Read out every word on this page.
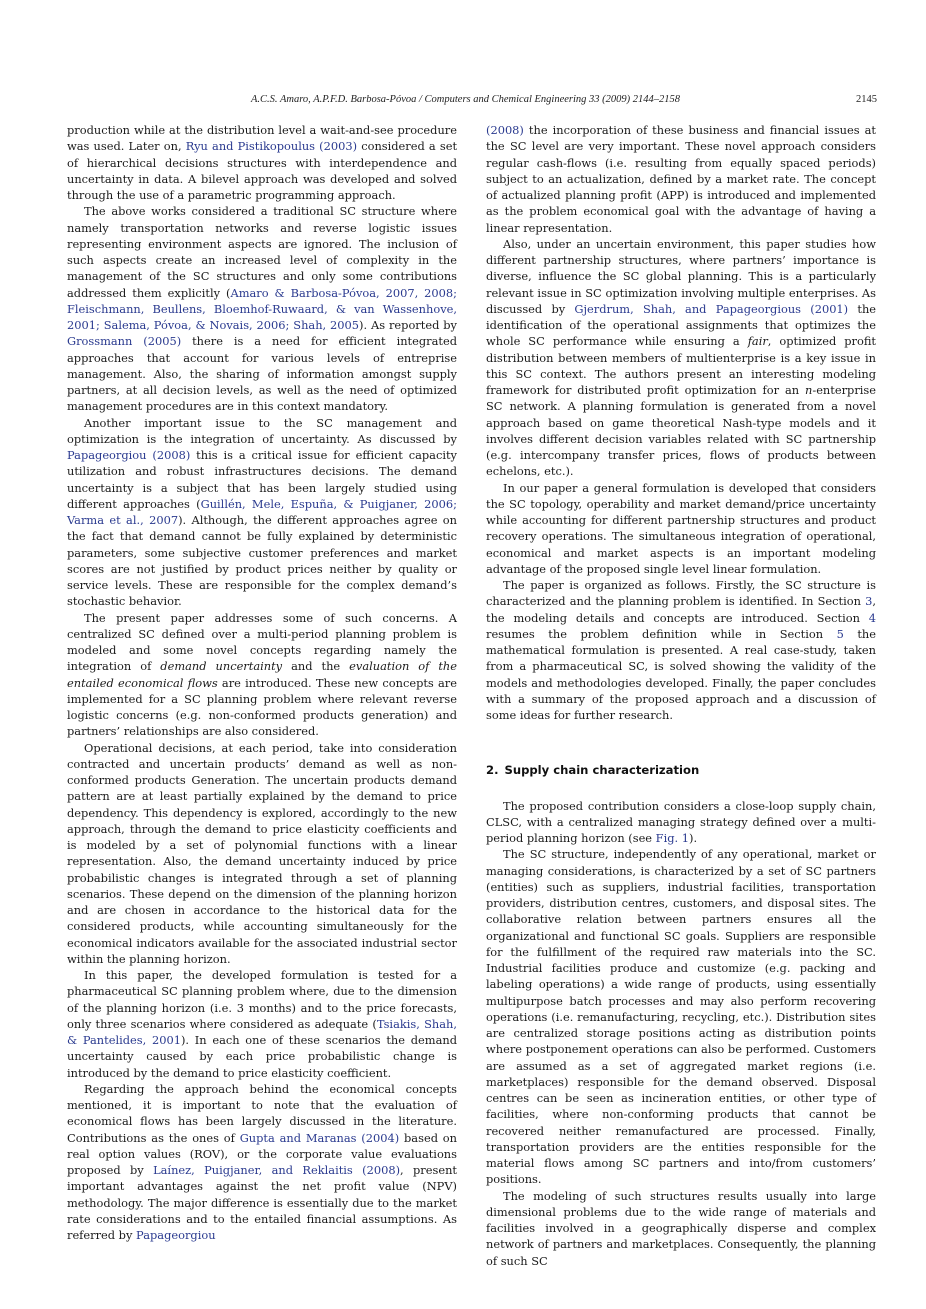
A.C.S. Amaro, A.P.F.D. Barbosa-Póvoa / Computers and Chemical Engineering 33 (2009) 2144–2158	2145

production while at the distribution level a wait-and-see procedure was used. Later on, Ryu and Pistikopoulus (2003) considered a set of hierarchical decisions structures with interdependence and uncertainty in data. A bilevel approach was developed and solved through the use of a parametric programming approach.

The above works considered a traditional SC structure where namely transportation networks and reverse logistic issues representing environment aspects are ignored. The inclusion of such aspects create an increased level of complexity in the management of the SC structures and only some contributions addressed them explicitly (Amaro & Barbosa-Póvoa, 2007, 2008; Fleischmann, Beullens, Bloemhof-Ruwaard, & van Wassenhove, 2001; Salema, Póvoa, & Novais, 2006; Shah, 2005). As reported by Grossmann (2005) there is a need for efficient integrated approaches that account for various levels of entreprise management. Also, the sharing of information amongst supply partners, at all decision levels, as well as the need of optimized management procedures are in this context mandatory.

Another important issue to the SC management and optimization is the integration of uncertainty. As discussed by Papageorgiou (2008) this is a critical issue for efficient capacity utilization and robust infrastructures decisions. The demand uncertainty is a subject that has been largely studied using different approaches (Guillén, Mele, Espuña, & Puigjaner, 2006; Varma et al., 2007). Although, the different approaches agree on the fact that demand cannot be fully explained by deterministic parameters, some subjective customer preferences and market scores are not justified by product prices neither by quality or service levels. These are responsible for the complex demand’s stochastic behavior.

The present paper addresses some of such concerns. A centralized SC defined over a multi-period planning problem is modeled and some novel concepts regarding namely the integration of demand uncertainty and the evaluation of the entailed economical flows are introduced. These new concepts are implemented for a SC planning problem where relevant reverse logistic concerns (e.g. non-conformed products generation) and partners’ relationships are also considered.

Operational decisions, at each period, take into consideration contracted and uncertain products’ demand as well as non-conformed products Generation. The uncertain products demand pattern are at least partially explained by the demand to price dependency. This dependency is explored, accordingly to the new approach, through the demand to price elasticity coefficients and is modeled by a set of polynomial functions with a linear representation. Also, the demand uncertainty induced by price probabilistic changes is integrated through a set of planning scenarios. These depend on the dimension of the planning horizon and are chosen in accordance to the historical data for the considered products, while accounting simultaneously for the economical indicators available for the associated industrial sector within the planning horizon.

In this paper, the developed formulation is tested for a pharmaceutical SC planning problem where, due to the dimension of the planning horizon (i.e. 3 months) and to the price forecasts, only three scenarios where considered as adequate (Tsiakis, Shah, & Pantelides, 2001). In each one of these scenarios the demand uncertainty caused by each price probabilistic change is introduced by the demand to price elasticity coefficient.

Regarding the approach behind the economical concepts mentioned, it is important to note that the evaluation of economical flows has been largely discussed in the literature. Contributions as the ones of Gupta and Maranas (2004) based on real option values (ROV), or the corporate value evaluations proposed by Laínez, Puigjaner, and Reklaitis (2008), present important advantages against the net profit value (NPV) methodology. The major difference is essentially due to the market rate considerations and to the entailed financial assumptions. As referred by Papageorgiou

(2008) the incorporation of these business and financial issues at the SC level are very important. These novel approach considers regular cash-flows (i.e. resulting from equally spaced periods) subject to an actualization, defined by a market rate. The concept of actualized planning profit (APP) is introduced and implemented as the problem economical goal with the advantage of having a linear representation.

Also, under an uncertain environment, this paper studies how different partnership structures, where partners’ importance is diverse, influence the SC global planning. This is a particularly relevant issue in SC optimization involving multiple enterprises. As discussed by Gjerdrum, Shah, and Papageorgious (2001) the identification of the operational assignments that optimizes the whole SC performance while ensuring a fair, optimized profit distribution between members of multienterprise is a key issue in this SC context. The authors present an interesting modeling framework for distributed profit optimization for an n-enterprise SC network. A planning formulation is generated from a novel approach based on game theoretical Nash-type models and it involves different decision variables related with SC partnership (e.g. intercompany transfer prices, flows of products between echelons, etc.).

In our paper a general formulation is developed that considers the SC topology, operability and market demand/price uncertainty while accounting for different partnership structures and product recovery operations. The simultaneous integration of operational, economical and market aspects is an important modeling advantage of the proposed single level linear formulation.

The paper is organized as follows. Firstly, the SC structure is characterized and the planning problem is identified. In Section 3, the modeling details and concepts are introduced. Section 4 resumes the problem definition while in Section 5 the mathematical formulation is presented. A real case-study, taken from a pharmaceutical SC, is solved showing the validity of the models and methodologies developed. Finally, the paper concludes with a summary of the proposed approach and a discussion of some ideas for further research.

2. Supply chain characterization

The proposed contribution considers a close-loop supply chain, CLSC, with a centralized managing strategy defined over a multi-period planning horizon (see Fig. 1).

The SC structure, independently of any operational, market or managing considerations, is characterized by a set of SC partners (entities) such as suppliers, industrial facilities, transportation providers, distribution centres, customers, and disposal sites. The collaborative relation between partners ensures all the organizational and functional SC goals. Suppliers are responsible for the fulfillment of the required raw materials into the SC. Industrial facilities produce and customize (e.g. packing and labeling operations) a wide range of products, using essentially multipurpose batch processes and may also perform recovering operations (i.e. remanufacturing, recycling, etc.). Distribution sites are centralized storage positions acting as distribution points where postponement operations can also be performed. Customers are assumed as a set of aggregated market regions (i.e. marketplaces) responsible for the demand observed. Disposal centres can be seen as incineration entities, or other type of facilities, where non-conforming products that cannot be recovered neither remanufactured are processed. Finally, transportation providers are the entities responsible for the material flows among SC partners and into/from customers’ positions.

The modeling of such structures results usually into large dimensional problems due to the wide range of materials and facilities involved in a geographically disperse and complex network of partners and marketplaces. Consequently, the planning of such SC
